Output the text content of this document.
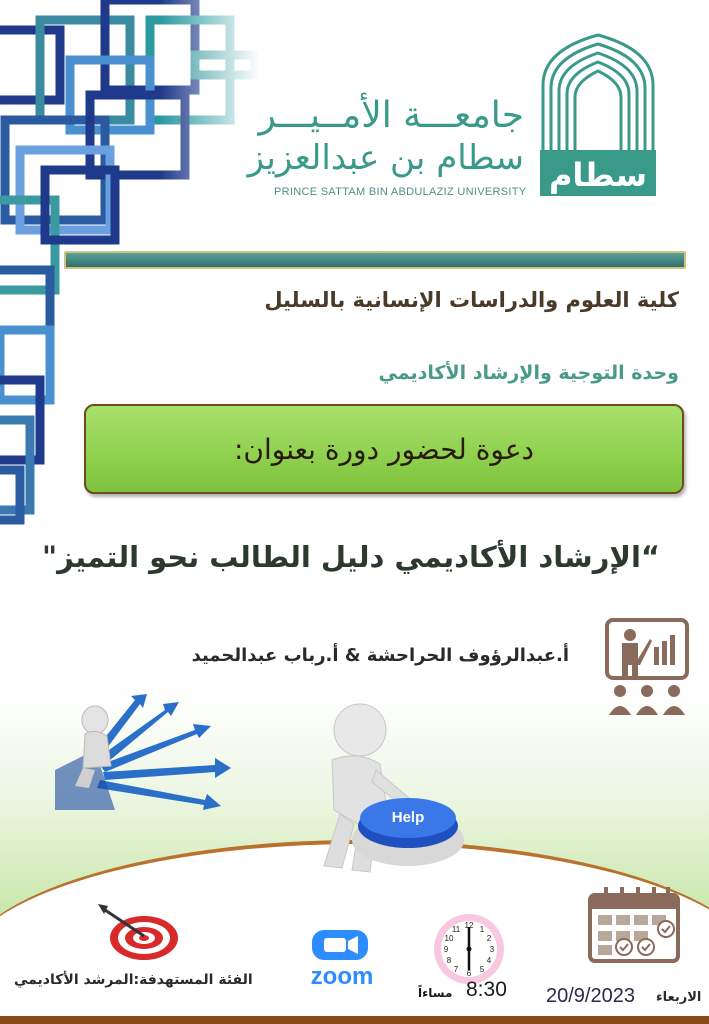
سطام
جامعـــة الأمــيـــر
سطام بن عبدالعزيز
PRINCE SATTAM BIN ABDULAZIZ UNIVERSITY
كلية العلوم والدراسات الإنسانية بالسليل
وحدة التوجية والإرشاد الأكاديمي
دعوة لحضور دورة بعنوان:
“الإرشاد الأكاديمي دليل الطالب نحو التميز"
أ.عبدالرؤوف الحراحشة & أ.رباب عبدالحميد
Help
zoom
12 1
2
3
4
5
6
7
8
9
10
11
الفئة المستهدفة:المرشد الأكاديمي
مساءاً 8:30 20/9/2023 الاربعاء
